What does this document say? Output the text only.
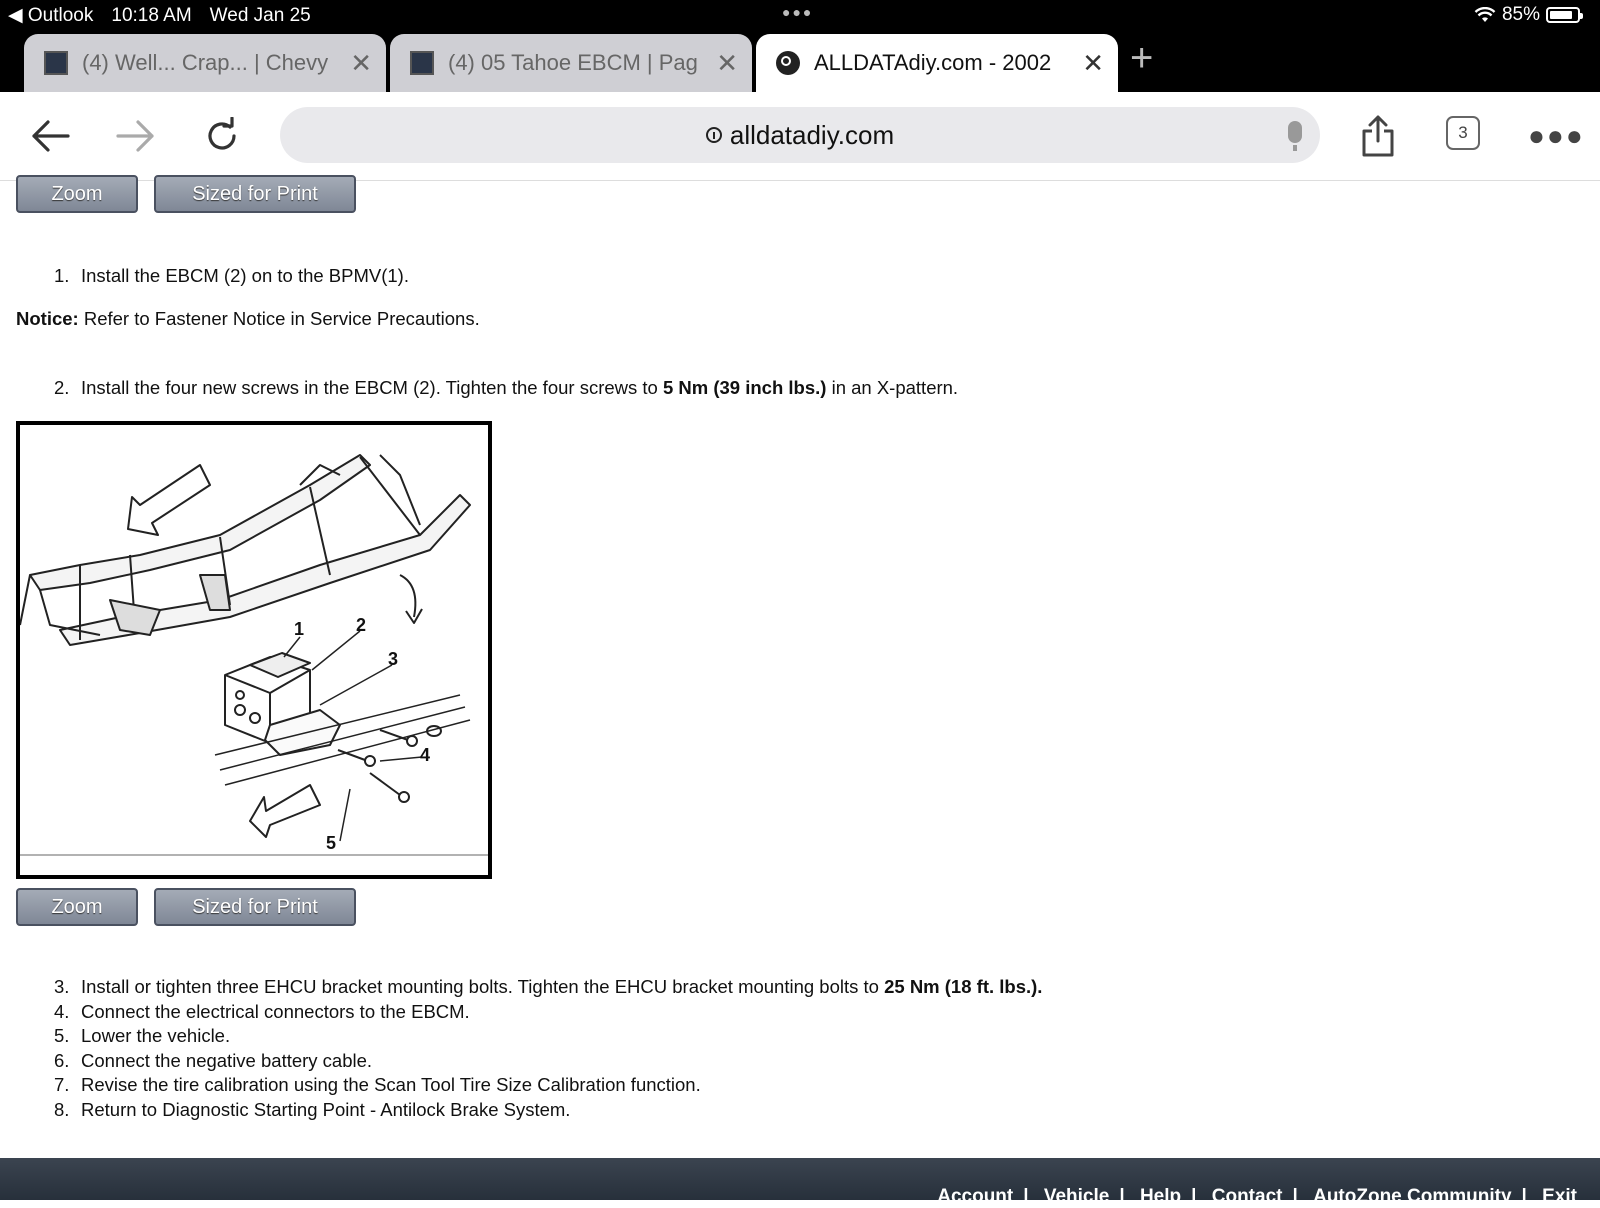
◀ Outlook 10:18 AM Wed Jan 25	●●●	85%
(4) Well... Crap... | Chevy ✕	(4) 05 Tahoe EBCM | Pag ✕	ALLDATAdiy.com - 2002	✕ +
alldatadiy.com	3	●●●
Zoom	Sized for Print
1. Install the EBCM (2) on to the BPMV(1).
Notice: Refer to Fastener Notice in Service Precautions.
2. Install the four new screws in the EBCM (2). Tighten the four screws to 5 Nm (39 inch lbs.) in an X-pattern.
1	2
3
4
5
Zoom	Sized for Print
3. Install or tighten three EHCU bracket mounting bolts. Tighten the EHCU bracket mounting bolts to 25 Nm (18 ft. lbs.).
4. Connect the electrical connectors to the EBCM.
5. Lower the vehicle.
6. Connect the negative battery cable.
7. Revise the tire calibration using the Scan Tool Tire Size Calibration function.
8. Return to Diagnostic Starting Point - Antilock Brake System.
Account | Vehicle | Help | Contact | AutoZone Community | Exit
